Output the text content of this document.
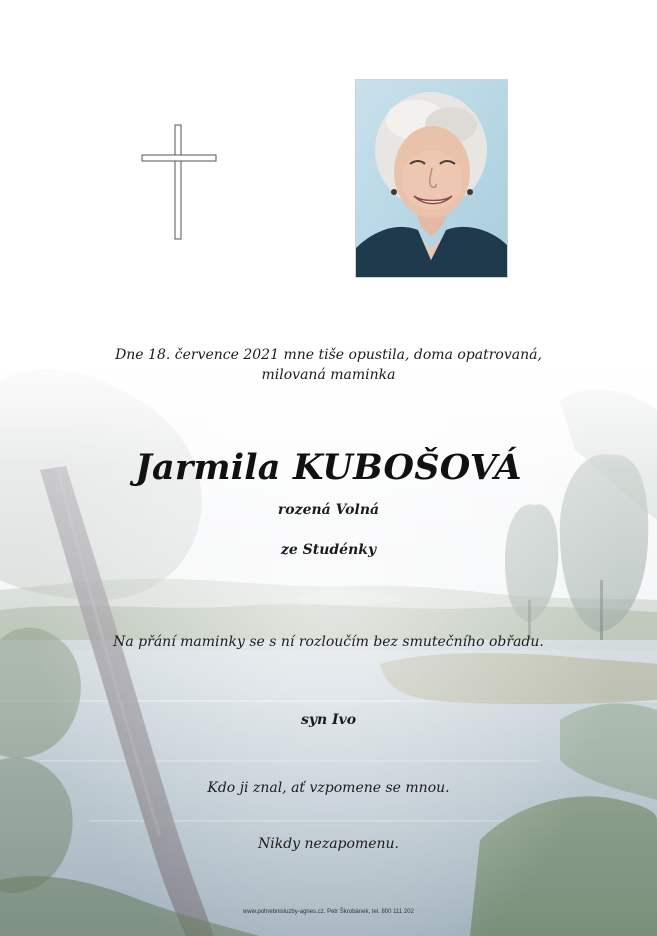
Dne 18. července 2021 mne tiše opustila, doma opatrovaná,
milovaná maminka
Jarmila KUBOŠOVÁ
rozená Volná
ze Studénky
Na přání maminky se s ní rozloučím bez smutečního obřadu.
syn Ivo
Kdo ji znal, ať vzpomene se mnou.
Nikdy nezapomenu.
www.pohrebnisluzby-agnes.cz, Petr Škrobánek, tel. 800 111 202
